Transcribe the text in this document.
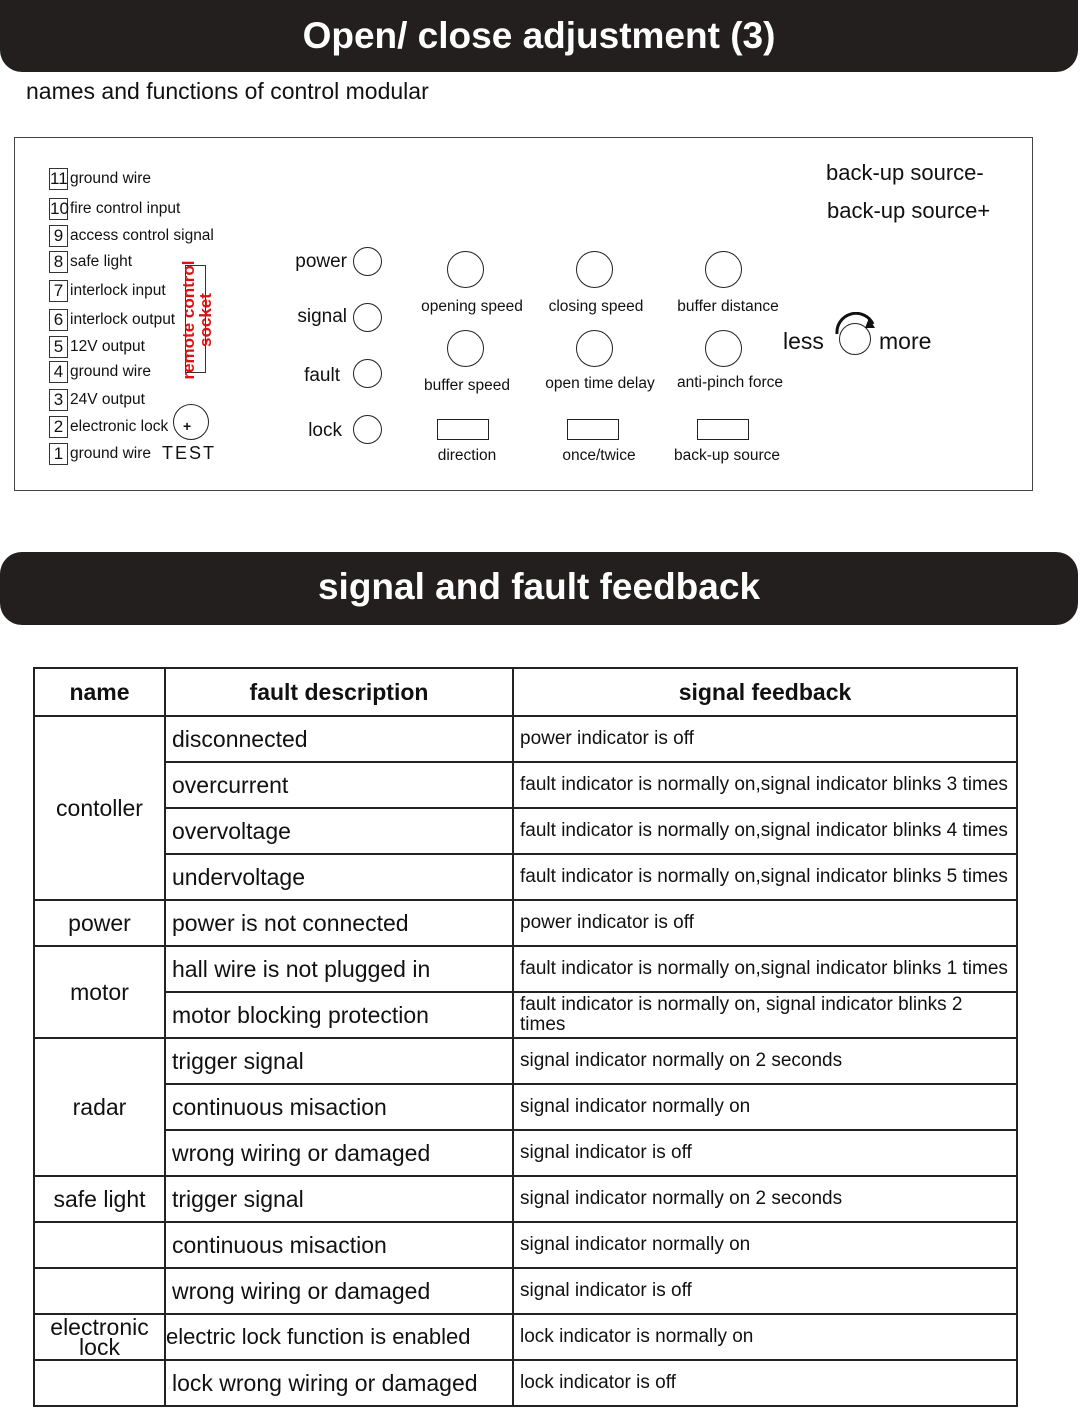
Open/ close adjustment (3)
names and functions of control modular
11 ground wire
10fire control input
9 access control signal
8 safe light
7 interlock input
6 interlock output
5 12V output
4 ground wire
3 24V output
2 electronic lock
1 ground wire
remote control socket
+
TEST
power
signal
fault
lock
opening speed	closing speed	buffer distance
buffer speed	open time delay	anti-pinch force
direction	once/twice	back-up source
back-up source-
back-up source+
less more
signal and fault feedback
name	fault description	signal feedback
contoller	disconnected	power indicator is off
	overcurrent	fault indicator is normally on,signal indicator blinks 3 times
	overvoltage	fault indicator is normally on,signal indicator blinks 4 times
	undervoltage	fault indicator is normally on,signal indicator blinks 5 times
power	power is not connected	power indicator is off
motor	hall wire is not plugged in	fault indicator is normally on,signal indicator blinks 1 times
	motor blocking protection	fault indicator is normally on, signal indicator blinks 2 times
radar	trigger signal	signal indicator normally on 2 seconds
	continuous misaction	signal indicator normally on
	wrong wiring or damaged	signal indicator is off
safe light	trigger signal	signal indicator normally on 2 seconds
	continuous misaction	signal indicator normally on
	wrong wiring or damaged	signal indicator is off
electronic lock	electric lock function is enabled	lock indicator is normally on
	lock wrong wiring or damaged	lock indicator is off
